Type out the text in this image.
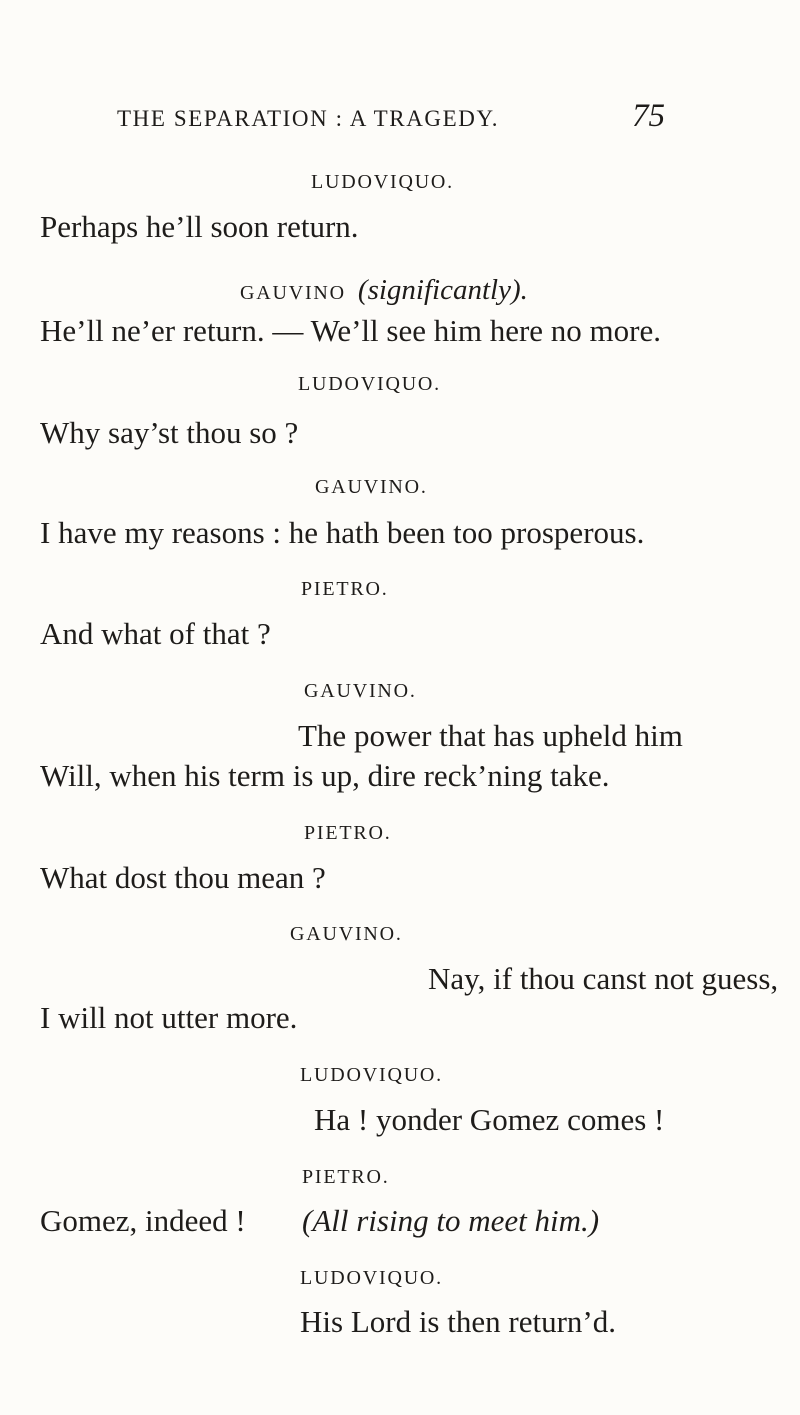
THE SEPARATION : A TRAGEDY.	75
LUDOVIQUO.
Perhaps he’ll soon return.
GAUVINO (significantly).
He’ll ne’er return. — We’ll see him here no more.
LUDOVIQUO.
Why say’st thou so ?
GAUVINO.
I have my reasons : he hath been too prosperous.
PIETRO.
And what of that ?
GAUVINO.
The power that has upheld him
Will, when his term is up, dire reck’ning take.
PIETRO.
What dost thou mean ?
GAUVINO.
Nay, if thou canst not guess,
I will not utter more.
LUDOVIQUO.
Ha ! yonder Gomez comes !
PIETRO.
Gomez, indeed ! (All rising to meet him.)
LUDOVIQUO.
His Lord is then return’d.
